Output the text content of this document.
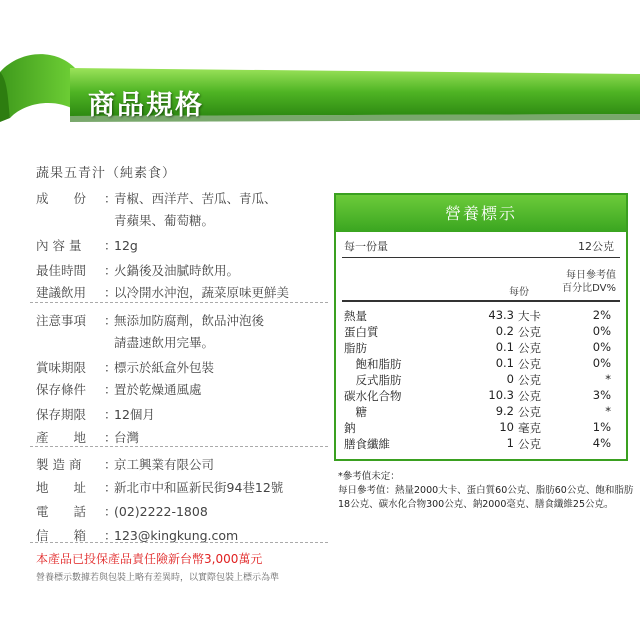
商品規格
蔬果五青汁（純素食）
成　　份 ：青椒、西洋芹、苦瓜、青瓜、
青蘋果、葡萄糖。
內 容 量 ：12g
最佳時間 ：火鍋後及油膩時飲用。
建議飲用 ：以冷開水沖泡，蔬菜原味更鮮美
注意事項 ：無添加防腐劑，飲品沖泡後
請盡速飲用完畢。
賞味期限 ：標示於紙盒外包裝
保存條件 ：置於乾燥通風處
保存期限 ：12個月
產　　地 ：台灣
製 造 商 ：京工興業有限公司
地　　址 ：新北市中和區新民街94巷12號
電　　話 ：(02)2222-1808
信　　箱 ：123@kingkung.com
本產品已投保產品責任險新台幣3,000萬元
營養標示數據若與包裝上略有差異時，以實際包裝上標示為準
營養標示
每一份量	12公克
每份
每日參考值
百分比DV%
熱量	43.3 大卡	2%
蛋白質	0.2 公克	0%
脂肪	0.1 公克	0%
　飽和脂肪	0.1 公克	0%
　反式脂肪	0 公克	*
碳水化合物	10.3 公克	3%
　糖	9.2 公克	*
鈉	10 毫克	1%
膳食纖維	1 公克	4%
*參考值未定：
每日參考值：熱量2000大卡、蛋白質60公克、脂肪60公克、飽和脂肪18公克、碳水化合物300公克、鈉2000毫克、膳食纖維25公克。
